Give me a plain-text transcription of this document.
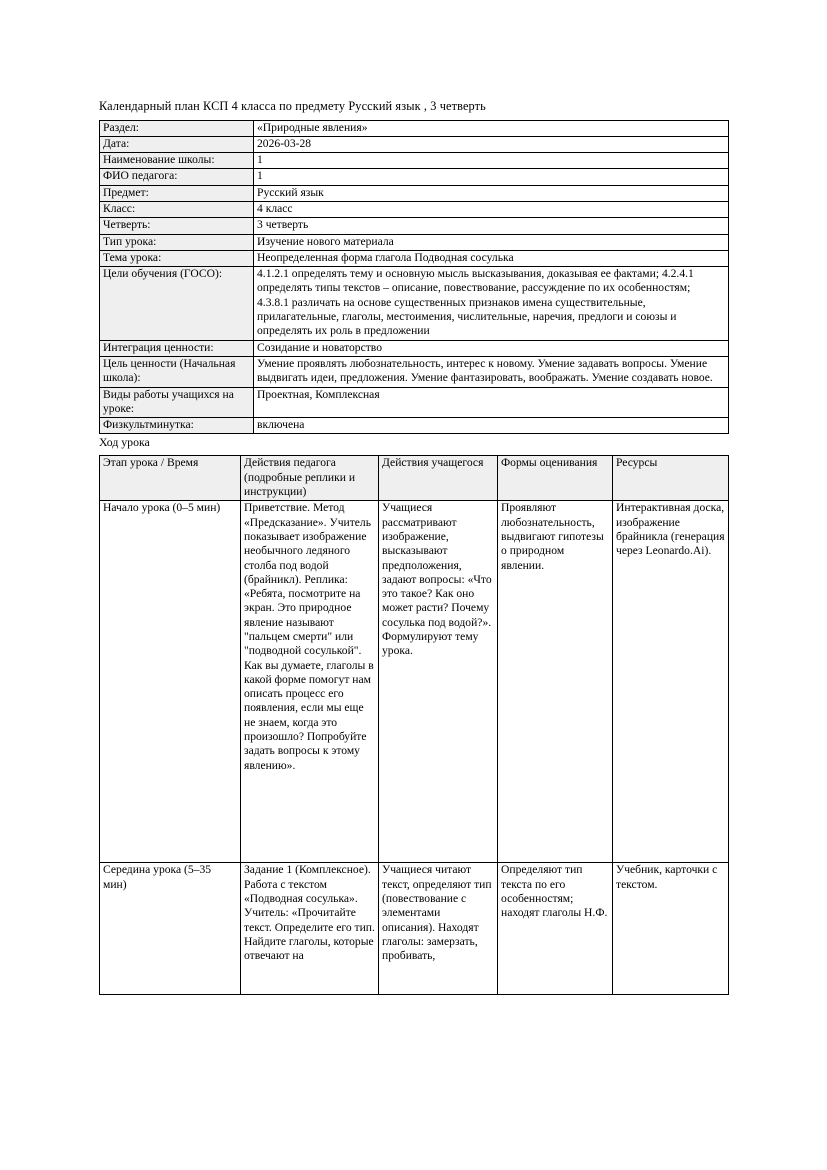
Календарный план КСП 4 класса по предмету Русский язык , 3 четверть

Раздел:	«Природные явления»
Дата:	2026-03-28
Наименование школы:	1
ФИО педагога:	1
Предмет:	Русский язык
Класс:	4 класс
Четверть:	3 четверть
Тип урока:	Изучение нового материала
Тема урока:	Неопределенная форма глагола Подводная сосулька
Цели обучения (ГОСО):	4.1.2.1 определять тему и основную мысль высказывания, доказывая ее фактами; 4.2.4.1 определять типы текстов – описание, повествование, рассуждение по их особенностям; 4.3.8.1 различать на основе существенных признаков имена существительные, прилагательные, глаголы, местоимения, числительные, наречия, предлоги и союзы и определять их роль в предложении
Интеграция ценности:	Созидание и новаторство
Цель ценности (Начальная школа):	Умение проявлять любознательность, интерес к новому. Умение задавать вопросы. Умение выдвигать идеи, предложения. Умение фантазировать, воображать. Умение создавать новое.
Виды работы учащихся на уроке:	Проектная, Комплексная
Физкультминутка:	включена

Ход урока

Этап урока / Время	Действия педагога (подробные реплики и инструкции)	Действия учащегося	Формы оценивания	Ресурсы
Начало урока (0–5 мин)	Приветствие. Метод «Предсказание». Учитель показывает изображение необычного ледяного столба под водой (брайникл). Реплика: «Ребята, посмотрите на экран. Это природное явление называют "пальцем смерти" или "подводной сосулькой". Как вы думаете, глаголы в какой форме помогут нам описать процесс его появления, если мы еще не знаем, когда это произошло? Попробуйте задать вопросы к этому явлению».	Учащиеся рассматривают изображение, высказывают предположения, задают вопросы: «Что это такое? Как оно может расти? Почему сосулька под водой?». Формулируют тему урока.	Проявляют любознательность, выдвигают гипотезы о природном явлении.	Интерактивная доска, изображение брайникла (генерация через Leonardo.Ai).
Середина урока (5–35 мин)	Задание 1 (Комплексное). Работа с текстом «Подводная сосулька». Учитель: «Прочитайте текст. Определите его тип. Найдите глаголы, которые отвечают на	Учащиеся читают текст, определяют тип (повествование с элементами описания). Находят глаголы: замерзать, пробивать,	Определяют тип текста по его особенностям; находят глаголы Н.Ф.	Учебник, карточки с текстом.
